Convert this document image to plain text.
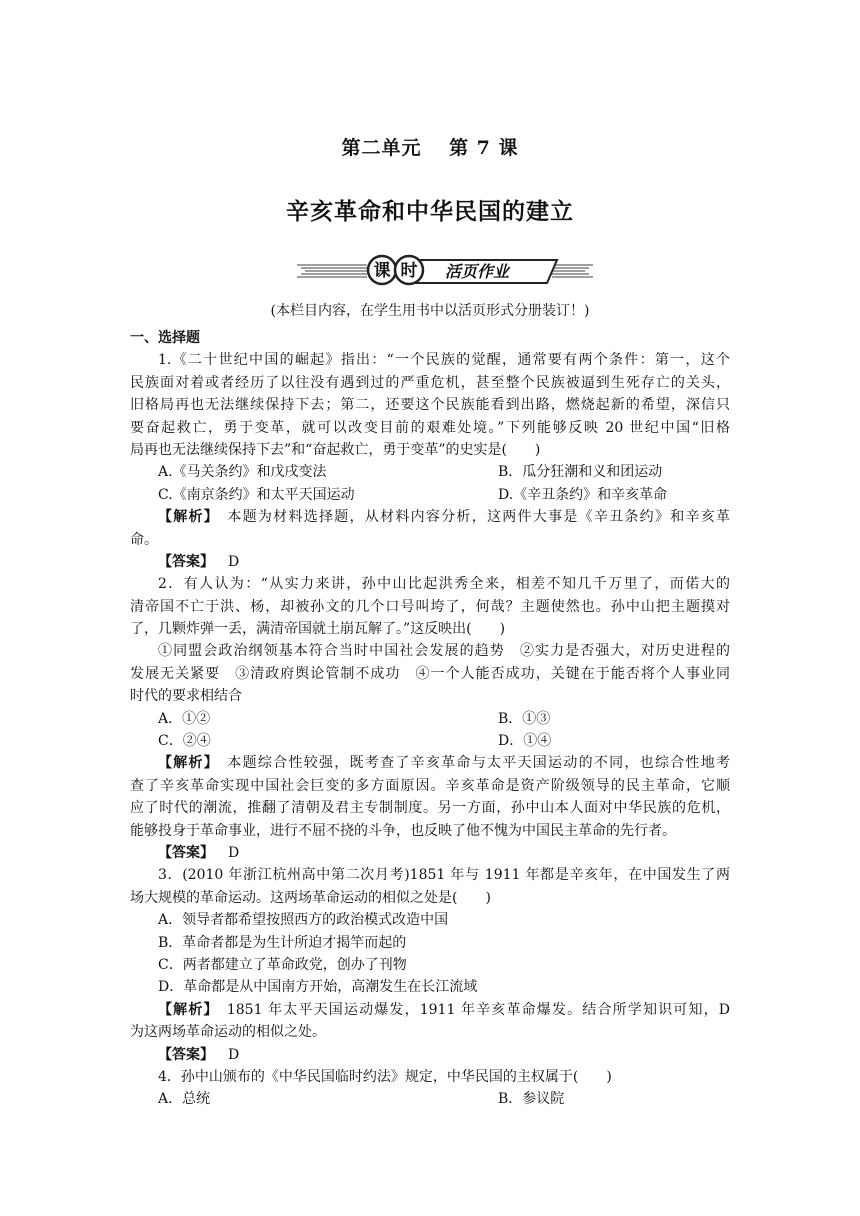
第二单元　 第 7 课
辛亥革命和中华民国的建立
课 时 活页作业
(本栏目内容，在学生用书中以活页形式分册装订！)
一、选择题
1.《二十世纪中国的崛起》指出：“一个民族的觉醒，通常要有两个条件：第一，这个
民族面对着或者经历了以往没有遇到过的严重危机，甚至整个民族被逼到生死存亡的关头，
旧格局再也无法继续保持下去；第二，还要这个民族能看到出路，燃烧起新的希望，深信只
要奋起救亡，勇于变革，就可以改变目前的艰难处境。”下列能够反映 20 世纪中国“旧格
局再也无法继续保持下去”和“奋起救亡，勇于变革”的史实是(　　)
A.《马关条约》和戊戌变法	B．瓜分狂潮和义和团运动
C.《南京条约》和太平天国运动	D.《辛丑条约》和辛亥革命
【解析】　 本题为材料选择题，从材料内容分析，这两件大事是《辛丑条约》和辛亥革
命。
【答案】 D
2．有人认为：“从实力来讲，孙中山比起洪秀全来，相差不知几千万里了，而偌大的
清帝国不亡于洪、杨，却被孙文的几个口号叫垮了，何哉？主题使然也。孙中山把主题摸对
了，几颗炸弹一丢，满清帝国就土崩瓦解了。”这反映出(　　)
①同盟会政治纲领基本符合当时中国社会发展的趋势　②实力是否强大，对历史进程的
发展无关紧要　③清政府舆论管制不成功　④一个人能否成功，关键在于能否将个人事业同
时代的要求相结合
A．①②	B．①③
C．②④	D．①④
【解析】　 本题综合性较强，既考查了辛亥革命与太平天国运动的不同，也综合性地考
查了辛亥革命实现中国社会巨变的多方面原因。辛亥革命是资产阶级领导的民主革命，它顺
应了时代的潮流，推翻了清朝及君主专制制度。另一方面，孙中山本人面对中华民族的危机，
能够投身于革命事业，进行不屈不挠的斗争，也反映了他不愧为中国民主革命的先行者。
【答案】 D
3．(2010 年浙江杭州高中第二次月考)1851 年与 1911 年都是辛亥年，在中国发生了两
场大规模的革命运动。这两场革命运动的相似之处是(　　)
A．领导者都希望按照西方的政治模式改造中国
B．革命者都是为生计所迫才揭竿而起的
C．两者都建立了革命政党，创办了刊物
D．革命都是从中国南方开始，高潮发生在长江流域
【解析】　 1851 年太平天国运动爆发，1911 年辛亥革命爆发。结合所学知识可知，D
为这两场革命运动的相似之处。
【答案】 D
4．孙中山颁布的《中华民国临时约法》规定，中华民国的主权属于(　　)
A．总统	B．参议院
